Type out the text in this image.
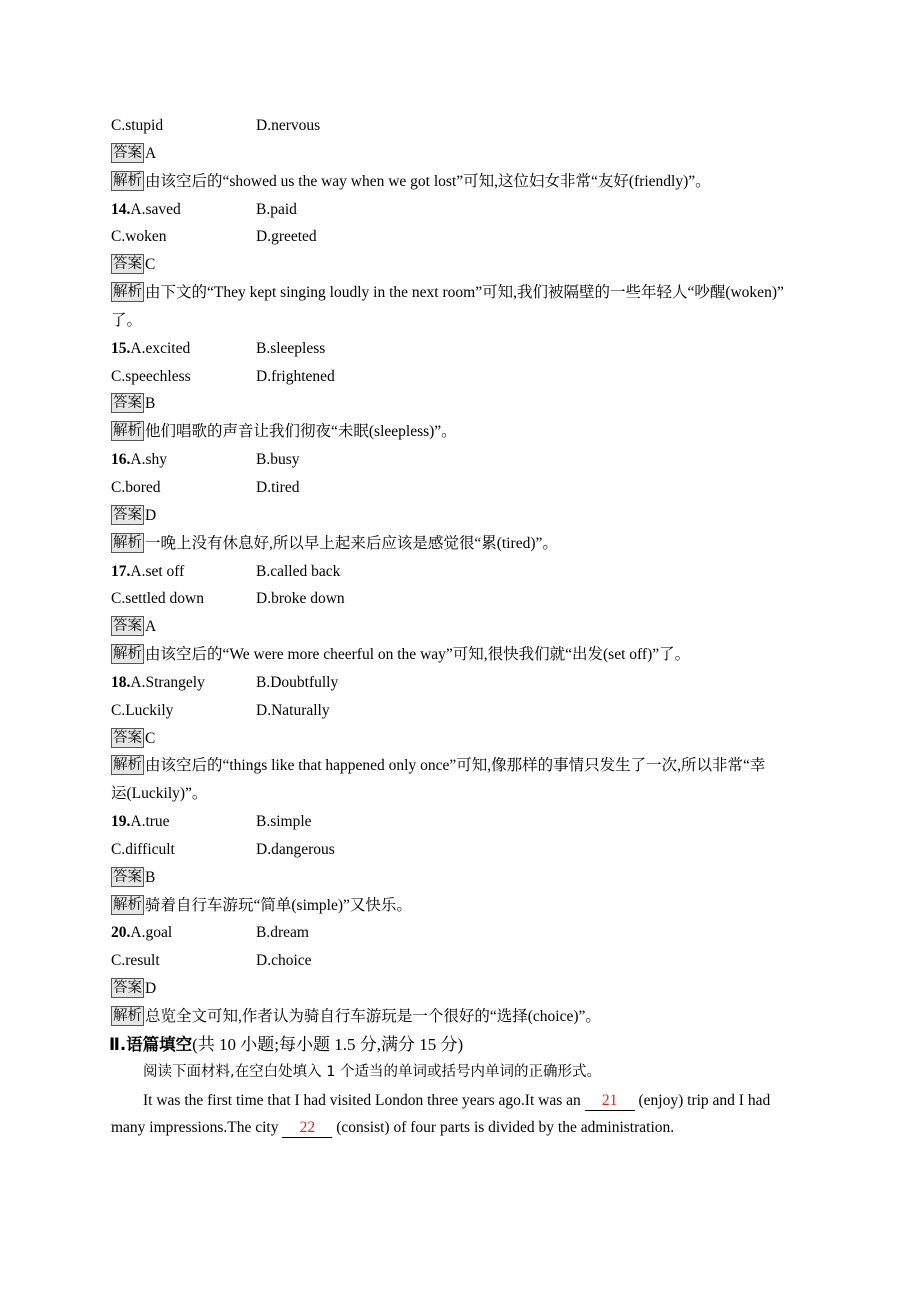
C.stupid	D.nervous
答案 A
解析 由该空后的“showed us the way when we got lost”可知,这位妇女非常“友好(friendly)”。
14.A.saved	B.paid
C.woken	D.greeted
答案 C
解析 由下文的“They kept singing loudly in the next room”可知,我们被隔壁的一些年轻人“吵醒(woken)”
了。
15.A.excited	B.sleepless
C.speechless	D.frightened
答案 B
解析 他们唱歌的声音让我们彻夜“未眠(sleepless)”。
16.A.shy	B.busy
C.bored	D.tired
答案 D
解析 一晚上没有休息好,所以早上起来后应该是感觉很“累(tired)”。
17.A.set off	B.called back
C.settled down	D.broke down
答案 A
解析 由该空后的“We were more cheerful on the way”可知,很快我们就“出发(set off)”了。
18.A.Strangely	B.Doubtfully
C.Luckily	D.Naturally
答案 C
解析 由该空后的“things like that happened only once”可知,像那样的事情只发生了一次,所以非常“幸
运(Luckily)”。
19.A.true	B.simple
C.difficult	D.dangerous
答案 B
解析 骑着自行车游玩“简单(simple)”又快乐。
20.A.goal	B.dream
C.result	D.choice
答案 D
解析 总览全文可知,作者认为骑自行车游玩是一个很好的“选择(choice)”。
Ⅱ.语篇填空(共 10 小题;每小题 1.5 分,满分 15 分)
阅读下面材料,在空白处填入 1 个适当的单词或括号内单词的正确形式。
It was the first time that I had visited London three years ago.It was an 21 (enjoy) trip and I had
many impressions.The city 22 (consist) of four parts is divided by the administration.
